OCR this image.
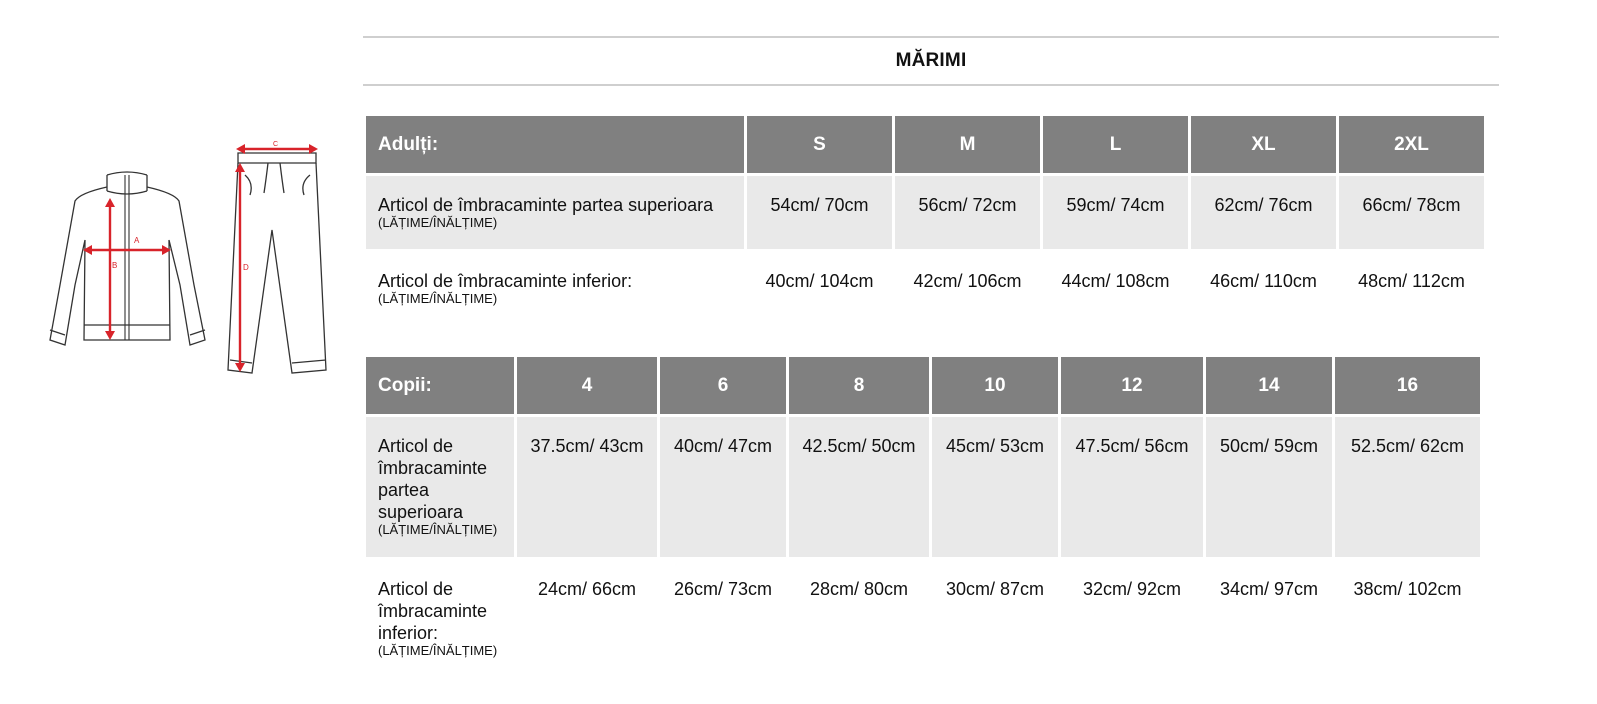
A
B
C
D
MĂRIMI
Adulți:	S	M	L	XL	2XL

Articol de îmbracaminte partea superioara
(LĂȚIME/ÎNĂLȚIME)	54cm/ 70cm	56cm/ 72cm	59cm/ 74cm	62cm/ 76cm	66cm/ 78cm

Articol de îmbracaminte inferior:
(LĂȚIME/ÎNĂLȚIME)	40cm/ 104cm	42cm/ 106cm	44cm/ 108cm	46cm/ 110cm	48cm/ 112cm
Copii:	4	6	8	10	12	14	16

Articol de îmbracaminte partea superioara
(LĂȚIME/ÎNĂLȚIME)	37.5cm/ 43cm	40cm/ 47cm	42.5cm/ 50cm	45cm/ 53cm	47.5cm/ 56cm	50cm/ 59cm	52.5cm/ 62cm

Articol de îmbracaminte inferior:
(LĂȚIME/ÎNĂLȚIME)	24cm/ 66cm	26cm/ 73cm	28cm/ 80cm	30cm/ 87cm	32cm/ 92cm	34cm/ 97cm	38cm/ 102cm
